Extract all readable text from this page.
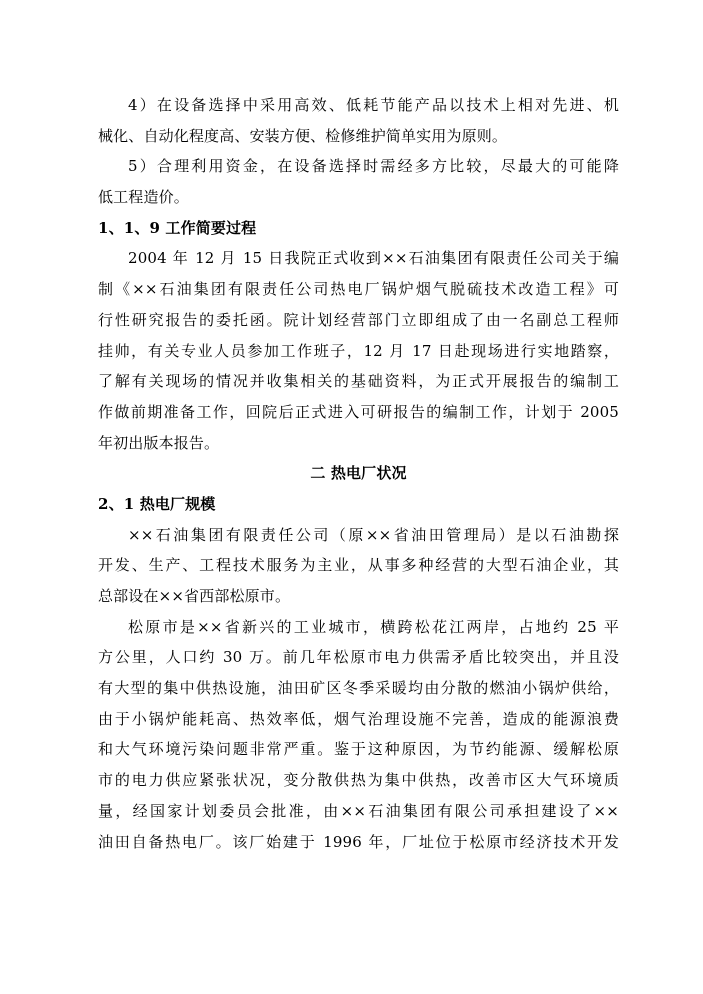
4）在设备选择中采用高效、低耗节能产品以技术上相对先进、机
械化、自动化程度高、安装方便、检修维护简单实用为原则。
5）合理利用资金，在设备选择时需经多方比较，尽最大的可能降
低工程造价。
1、1、9 工作简要过程
2004 年 12 月 15 日我院正式收到××石油集团有限责任公司关于编
制《××石油集团有限责任公司热电厂锅炉烟气脱硫技术改造工程》可
行性研究报告的委托函。院计划经营部门立即组成了由一名副总工程师
挂帅，有关专业人员参加工作班子，12 月 17 日赴现场进行实地踏察，
了解有关现场的情况并收集相关的基础资料，为正式开展报告的编制工
作做前期准备工作，回院后正式进入可研报告的编制工作，计划于 2005
年初出版本报告。
二 热电厂状况
2、1 热电厂规模
××石油集团有限责任公司（原××省油田管理局）是以石油勘探
开发、生产、工程技术服务为主业，从事多种经营的大型石油企业，其
总部设在××省西部松原市。
松原市是××省新兴的工业城市，横跨松花江两岸，占地约 25 平
方公里，人口约 30 万。前几年松原市电力供需矛盾比较突出，并且没
有大型的集中供热设施，油田矿区冬季采暖均由分散的燃油小锅炉供给，
由于小锅炉能耗高、热效率低，烟气治理设施不完善，造成的能源浪费
和大气环境污染问题非常严重。鉴于这种原因，为节约能源、缓解松原
市的电力供应紧张状况，变分散供热为集中供热，改善市区大气环境质
量，经国家计划委员会批准，由××石油集团有限公司承担建设了××
油田自备热电厂。该厂始建于 1996 年，厂址位于松原市经济技术开发
